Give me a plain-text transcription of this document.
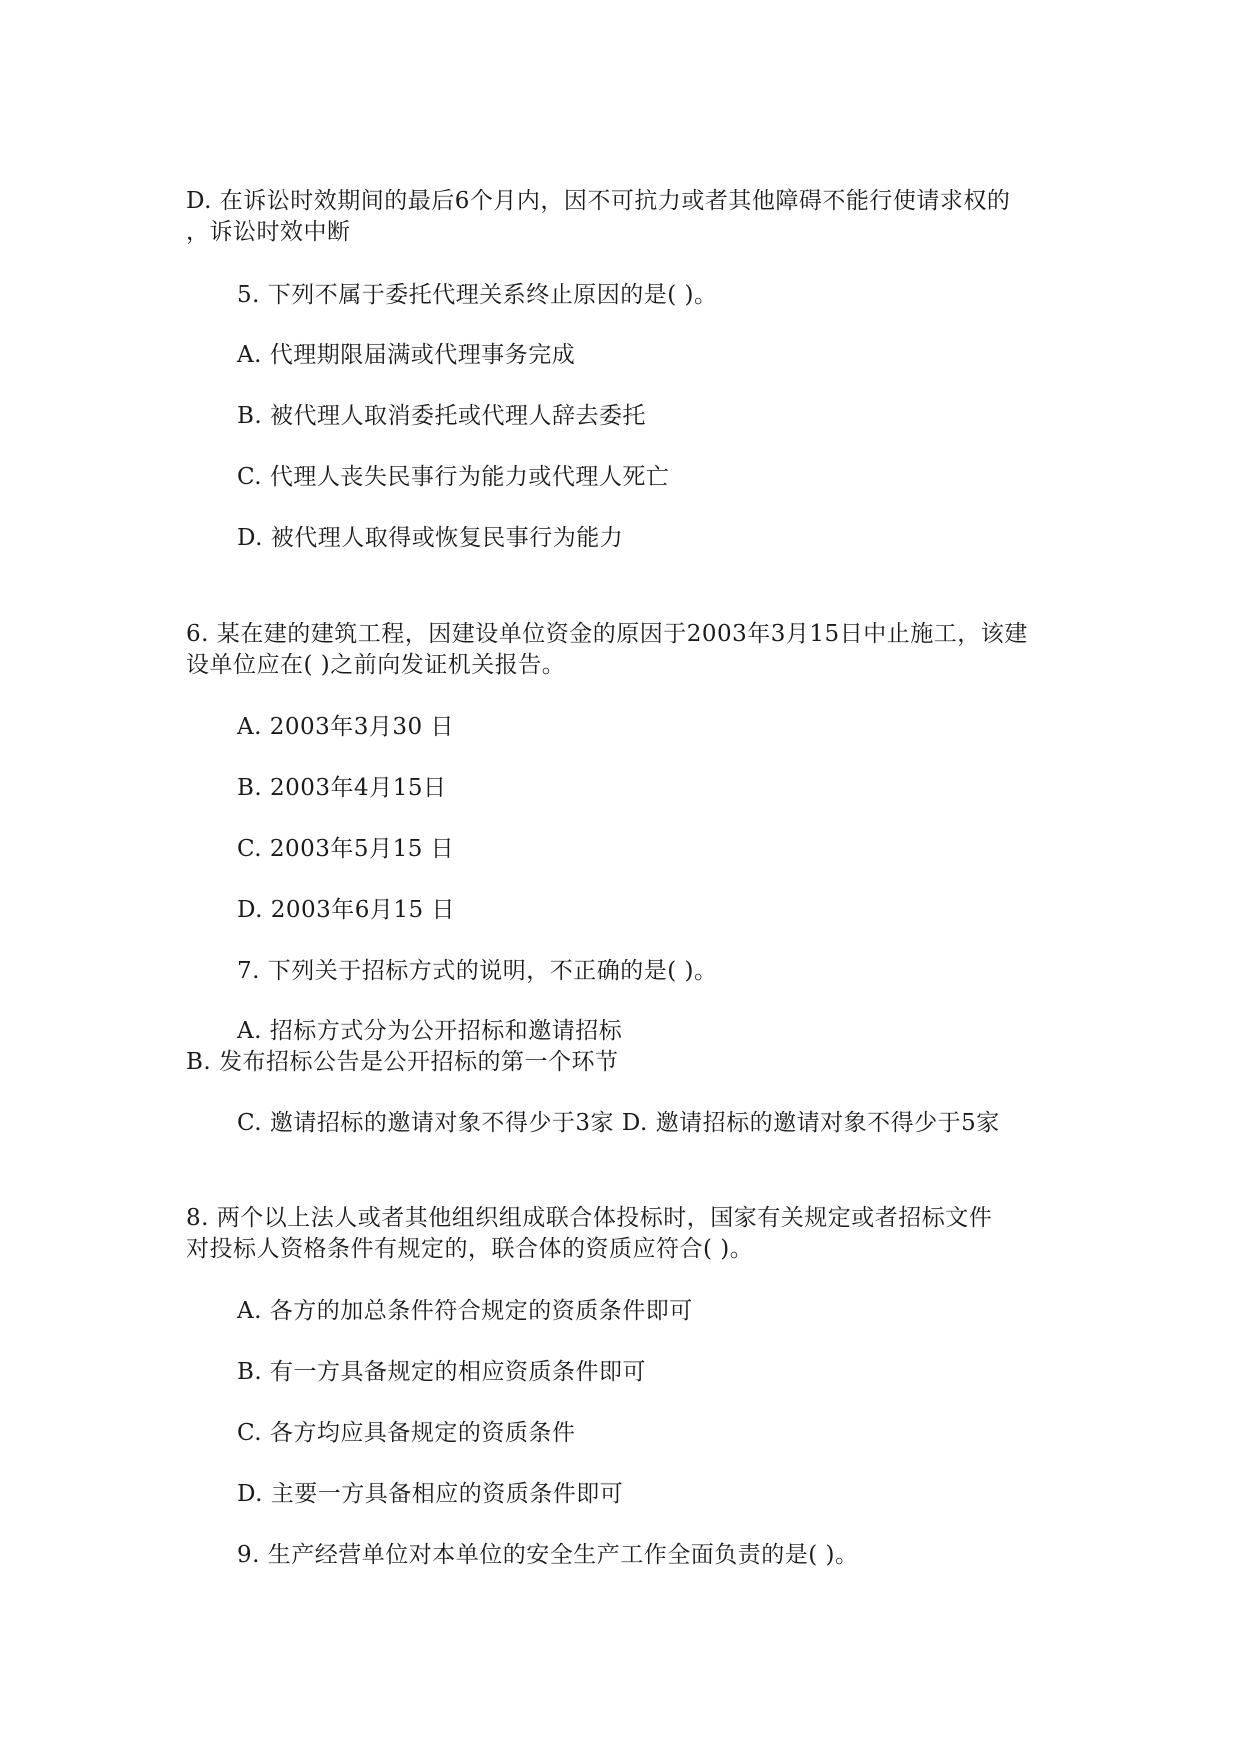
D. 在诉讼时效期间的最后6个月内，因不可抗力或者其他障碍不能行使请求权的
，诉讼时效中断
5. 下列不属于委托代理关系终止原因的是( )。
A. 代理期限届满或代理事务完成
B. 被代理人取消委托或代理人辞去委托
C. 代理人丧失民事行为能力或代理人死亡
D. 被代理人取得或恢复民事行为能力
6. 某在建的建筑工程，因建设单位资金的原因于2003年3月15日中止施工，该建
设单位应在( )之前向发证机关报告。
A. 2003年3月30 日
B. 2003年4月15日
C. 2003年5月15 日
D. 2003年6月15 日
7. 下列关于招标方式的说明，不正确的是( )。
A. 招标方式分为公开招标和邀请招标
B. 发布招标公告是公开招标的第一个环节
C. 邀请招标的邀请对象不得少于3家 D. 邀请招标的邀请对象不得少于5家
8. 两个以上法人或者其他组织组成联合体投标时，国家有关规定或者招标文件
对投标人资格条件有规定的，联合体的资质应符合( )。
A. 各方的加总条件符合规定的资质条件即可
B. 有一方具备规定的相应资质条件即可
C. 各方均应具备规定的资质条件
D. 主要一方具备相应的资质条件即可
9. 生产经营单位对本单位的安全生产工作全面负责的是( )。
